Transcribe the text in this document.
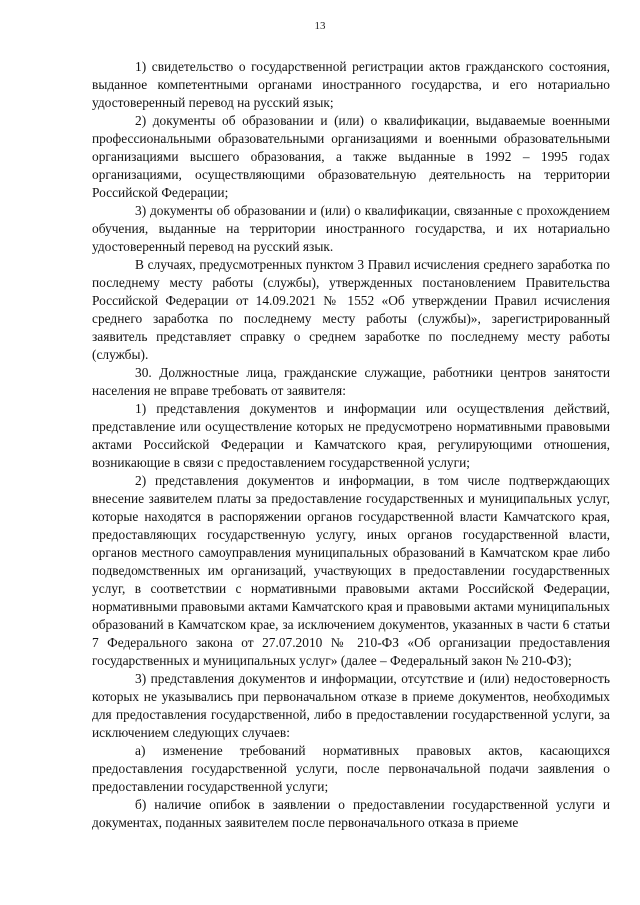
13

1) свидетельство о государственной регистрации актов гражданского состояния, выданное компетентными органами иностранного государства, и его нотариально удостоверенный перевод на русский язык;

2) документы об образовании и (или) о квалификации, выдаваемые военными профессиональными образовательными организациями и военными образовательными организациями высшего образования, а также выданные в 1992 – 1995 годах организациями, осуществляющими образовательную деятельность на территории Российской Федерации;

3) документы об образовании и (или) о квалификации, связанные с прохождением обучения, выданные на территории иностранного государства, и их нотариально удостоверенный перевод на русский язык.

В случаях, предусмотренных пунктом 3 Правил исчисления среднего заработка по последнему месту работы (службы), утвержденных постановлением Правительства Российской Федерации от 14.09.2021 № 1552 «Об утверждении Правил исчисления среднего заработка по последнему месту работы (службы)», зарегистрированный заявитель представляет справку о среднем заработке по последнему месту работы (службы).

30. Должностные лица, гражданские служащие, работники центров занятости населения не вправе требовать от заявителя:

1) представления документов и информации или осуществления действий, представление или осуществление которых не предусмотрено нормативными правовыми актами Российской Федерации и Камчатского края, регулирующими отношения, возникающие в связи с предоставлением государственной услуги;

2) представления документов и информации, в том числе подтверждающих внесение заявителем платы за предоставление государственных и муниципальных услуг, которые находятся в распоряжении органов государственной власти Камчатского края, предоставляющих государственную услугу, иных органов государственной власти, органов местного самоуправления муниципальных образований в Камчатском крае либо подведомственных им организаций, участвующих в предоставлении государственных услуг, в соответствии с нормативными правовыми актами Российской Федерации, нормативными правовыми актами Камчатского края и правовыми актами муниципальных образований в Камчатском крае, за исключением документов, указанных в части 6 статьи 7 Федерального закона от 27.07.2010 № 210-ФЗ «Об организации предоставления государственных и муниципальных услуг» (далее – Федеральный закон № 210-ФЗ);

3) представления документов и информации, отсутствие и (или) недостоверность которых не указывались при первоначальном отказе в приеме документов, необходимых для предоставления государственной, либо в предоставлении государственной услуги, за исключением следующих случаев:

а) изменение требований нормативных правовых актов, касающихся предоставления государственной услуги, после первоначальной подачи заявления о предоставлении государственной услуги;

б) наличие опибок в заявлении о предоставлении государственной услуги и документах, поданных заявителем после первоначального отказа в приеме
